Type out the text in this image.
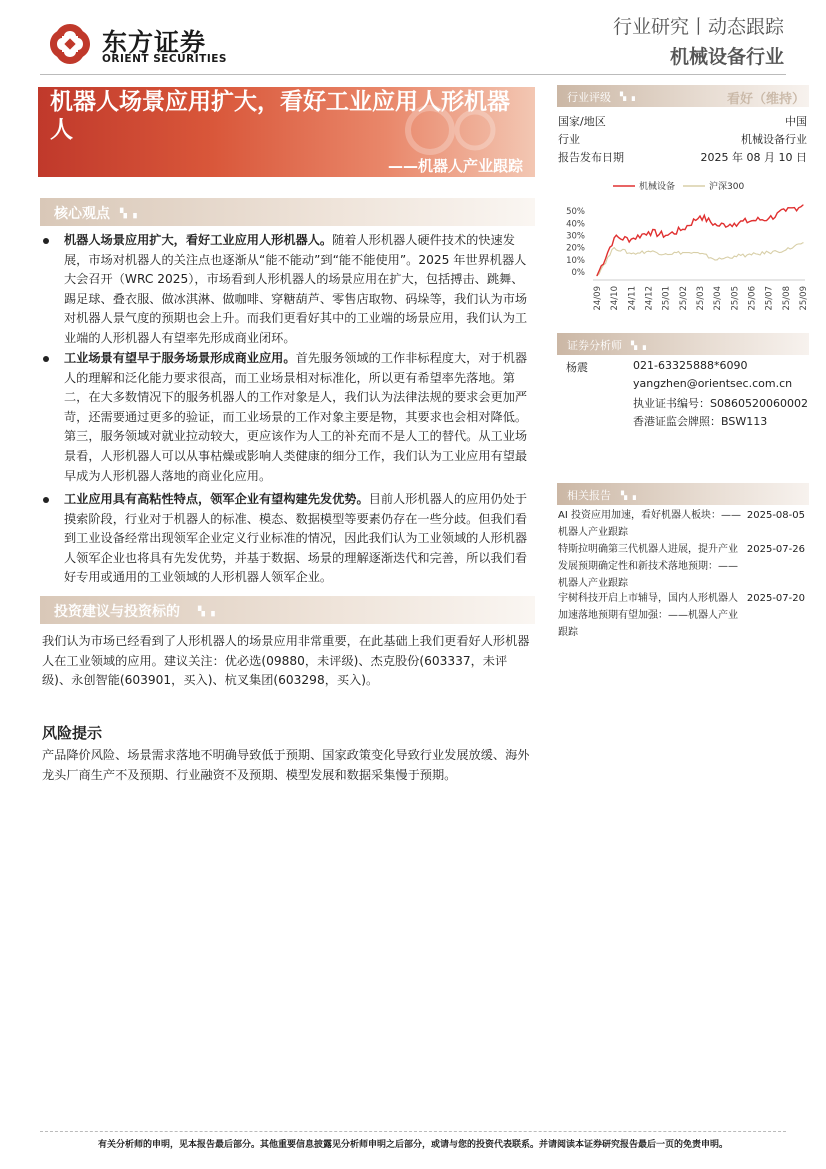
东方证券
ORIENT SECURITIES
行业研究丨动态跟踪
机械设备行业
机器人场景应用扩大，看好工业应用人形机器人
——机器人产业跟踪
核心观点 ▚ ▗
机器人场景应用扩大，看好工业应用人形机器人。随着人形机器人硬件技术的快速发展，市场对机器人的关注点也逐渐从“能不能动”到“能不能使用”。2025 年世界机器人大会召开（WRC 2025），市场看到人形机器人的场景应用在扩大，包括搏击、跳舞、踢足球、叠衣服、做冰淇淋、做咖啡、穿糖葫芦、零售店取物、码垛等，我们认为市场对机器人景气度的预期也会上升。而我们更看好其中的工业端的场景应用，我们认为工业端的人形机器人有望率先形成商业闭环。
工业场景有望早于服务场景形成商业应用。首先服务领域的工作非标程度大，对于机器人的理解和泛化能力要求很高，而工业场景相对标准化，所以更有希望率先落地。第二，在大多数情况下的服务机器人的工作对象是人，我们认为法律法规的要求会更加严苛，还需要通过更多的验证，而工业场景的工作对象主要是物，其要求也会相对降低。第三，服务领域对就业拉动较大，更应该作为人工的补充而不是人工的替代。从工业场景看，人形机器人可以从事枯燥或影响人类健康的细分工作，我们认为工业应用有望最早成为人形机器人落地的商业化应用。
工业应用具有高粘性特点，领军企业有望构建先发优势。目前人形机器人的应用仍处于摸索阶段，行业对于机器人的标准、模态、数据模型等要素仍存在一些分歧。但我们看到工业设备经常出现领军企业定义行业标准的情况，因此我们认为工业领域的人形机器人领军企业也将具有先发优势，并基于数据、场景的理解逐渐迭代和完善，所以我们看好专用或通用的工业领域的人形机器人领军企业。
投资建议与投资标的 ▚ ▗
我们认为市场已经看到了人形机器人的场景应用非常重要，在此基础上我们更看好人形机器人在工业领域的应用。建议关注：优必选(09880，未评级)、杰克股份(603337，未评级)、永创智能(603901，买入)、杭叉集团(603298，买入)。
风险提示
产品降价风险、场景需求落地不明确导致低于预期、国家政策变化导致行业发展放缓、海外龙头厂商生产不及预期、行业融资不及预期、模型发展和数据采集慢于预期。
行业评级 ▚ ▗	看好（维持）
国家/地区	中国
行业	机械设备行业
报告发布日期	2025 年 08 月 10 日
机械设备	沪深300
50%
40%
30%
20%
10%
0%
24/09 24/10 24/11 24/12 25/01 25/02 25/03 25/04 25/05 25/06 25/07 25/08 25/09
证券分析师 ▚ ▗
杨震	021-63325888*6090
yangzhen@orientsec.com.cn
执业证书编号：S0860520060002
香港证监会牌照：BSW113
相关报告 ▚ ▗
AI 投资应用加速，看好机器人板块：——
机器人产业跟踪
2025-08-05
特斯拉明确第三代机器人进展，提升产业
发展预期确定性和新技术落地预期：——
机器人产业跟踪
2025-07-26
宇树科技开启上市辅导，国内人形机器人
加速落地预期有望加强：——机器人产业
跟踪
2025-07-20
有关分析师的申明，见本报告最后部分。其他重要信息披露见分析师申明之后部分，或请与您的投资代表联系。并请阅读本证券研究报告最后一页的免责申明。
